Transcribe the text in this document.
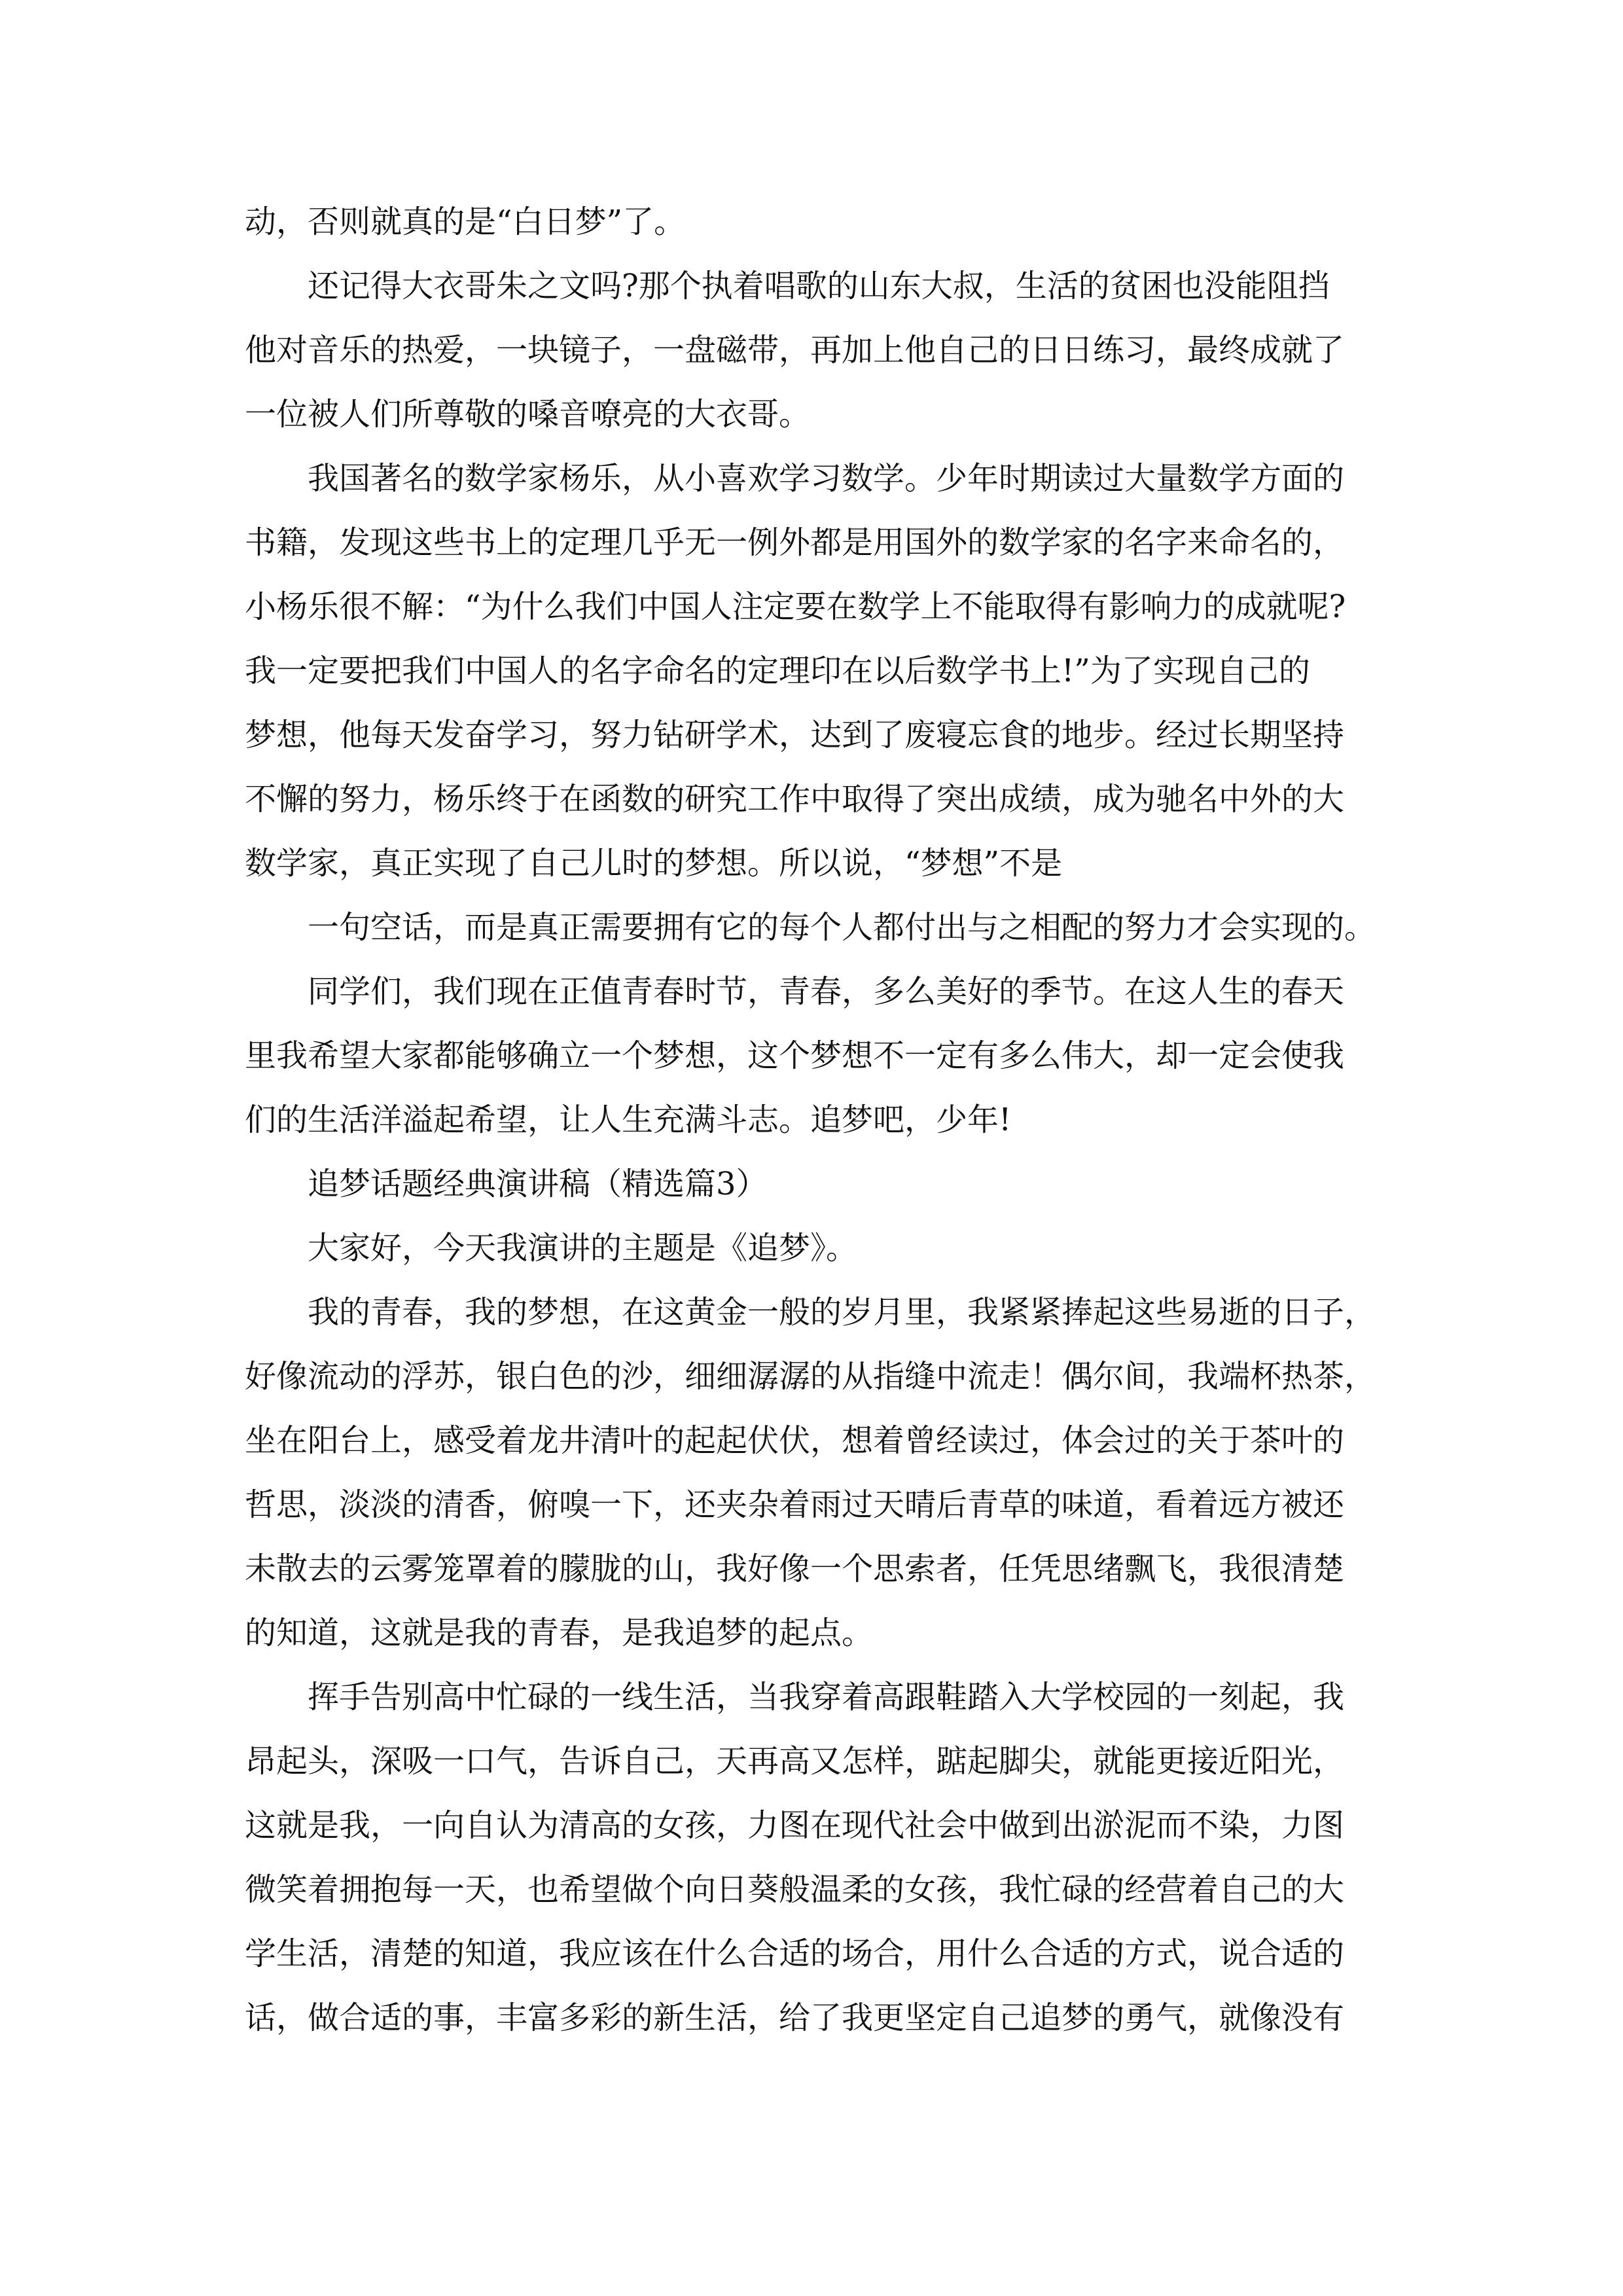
动，否则就真的是“白日梦”了。
还记得大衣哥朱之文吗?那个执着唱歌的山东大叔，生活的贫困也没能阻挡
他对音乐的热爱，一块镜子，一盘磁带，再加上他自己的日日练习，最终成就了
一位被人们所尊敬的嗓音嘹亮的大衣哥。
我国著名的数学家杨乐，从小喜欢学习数学。少年时期读过大量数学方面的
书籍，发现这些书上的定理几乎无一例外都是用国外的数学家的名字来命名的，
小杨乐很不解：“为什么我们中国人注定要在数学上不能取得有影响力的成就呢?
我一定要把我们中国人的名字命名的定理印在以后数学书上!”为了实现自己的
梦想，他每天发奋学习，努力钻研学术，达到了废寝忘食的地步。经过长期坚持
不懈的努力，杨乐终于在函数的研究工作中取得了突出成绩，成为驰名中外的大
数学家，真正实现了自己儿时的梦想。所以说，“梦想”不是
一句空话，而是真正需要拥有它的每个人都付出与之相配的努力才会实现的。
同学们，我们现在正值青春时节，青春，多么美好的季节。在这人生的春天
里我希望大家都能够确立一个梦想，这个梦想不一定有多么伟大，却一定会使我
们的生活洋溢起希望，让人生充满斗志。追梦吧，少年!
追梦话题经典演讲稿（精选篇3）
大家好，今天我演讲的主题是《追梦》。
我的青春，我的梦想，在这黄金一般的岁月里，我紧紧捧起这些易逝的日子，
好像流动的浮苏，银白色的沙，细细潺潺的从指缝中流走！偶尔间，我端杯热茶，
坐在阳台上，感受着龙井清叶的起起伏伏，想着曾经读过，体会过的关于茶叶的
哲思，淡淡的清香，俯嗅一下，还夹杂着雨过天晴后青草的味道，看着远方被还
未散去的云雾笼罩着的朦胧的山，我好像一个思索者，任凭思绪飘飞，我很清楚
的知道，这就是我的青春，是我追梦的起点。
挥手告别高中忙碌的一线生活，当我穿着高跟鞋踏入大学校园的一刻起，我
昂起头，深吸一口气，告诉自己，天再高又怎样，踮起脚尖，就能更接近阳光，
这就是我，一向自认为清高的女孩，力图在现代社会中做到出淤泥而不染，力图
微笑着拥抱每一天，也希望做个向日葵般温柔的女孩，我忙碌的经营着自己的大
学生活，清楚的知道，我应该在什么合适的场合，用什么合适的方式，说合适的
话，做合适的事，丰富多彩的新生活，给了我更坚定自己追梦的勇气，就像没有
